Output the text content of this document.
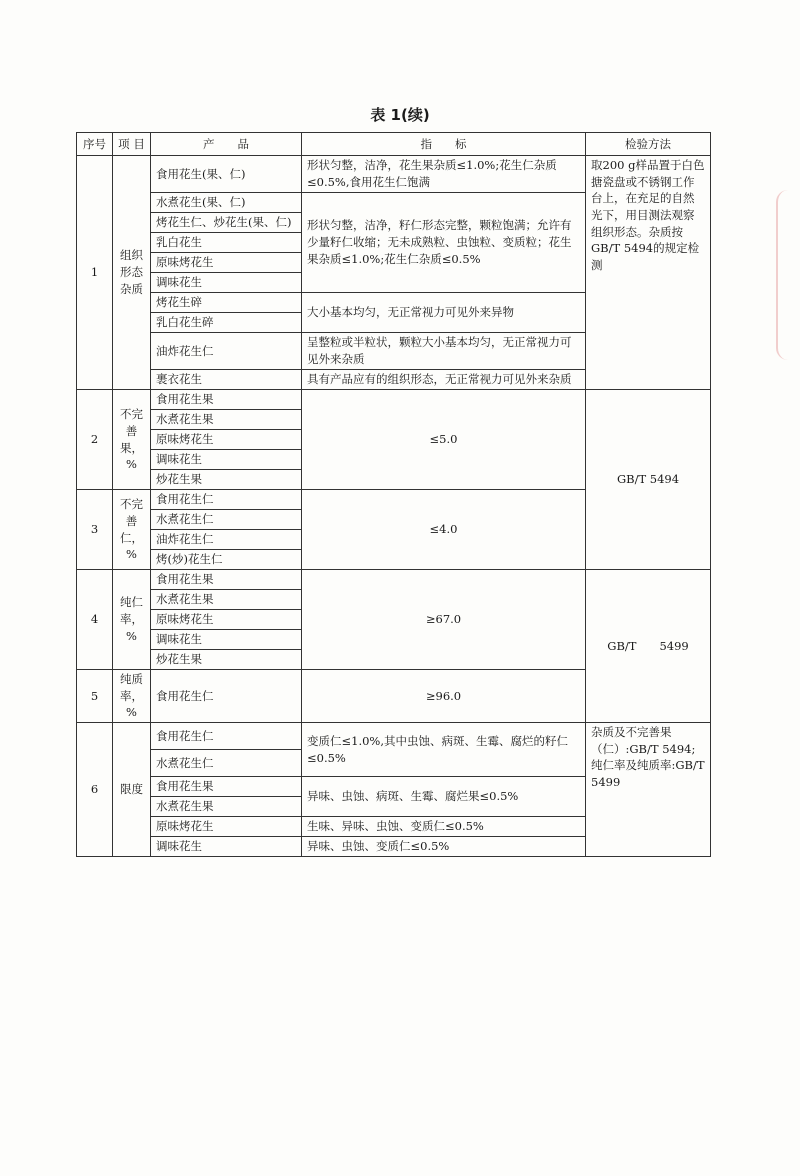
表 1(续)
序号	项 目	产　　品	指　　标	检验方法
1	组织形态杂质	食用花生(果、仁)	形状匀整，洁净，花生果杂质≤1.0%;花生仁杂质≤0.5%,食用花生仁饱满	取200 g样品置于白色搪瓷盘或不锈钢工作台上，在充足的自然光下，用目测法观察组织形态。杂质按GB/T 5494的规定检测
		水煮花生(果、仁)	形状匀整，洁净，籽仁形态完整，颗粒饱满；允许有少量籽仁收缩；无未成熟粒、虫蚀粒、变质粒；花生果杂质≤1.0%;花生仁杂质≤0.5%	
		烤花生仁、炒花生(果、仁)		
		乳白花生		
		原味烤花生		
		调味花生		
		烤花生碎	大小基本均匀，无正常视力可见外来异物	
		乳白花生碎		
		油炸花生仁	呈整粒或半粒状，颗粒大小基本均匀，无正常视力可见外来杂质	
		裹衣花生	具有产品应有的组织形态，无正常视力可见外来杂质	
2	不完善果，%	食用花生果	≤5.0	GB/T 5494
		水煮花生果		
		原味烤花生		
		调味花生		
		炒花生果		
3	不完善仁，%	食用花生仁	≤4.0	
		水煮花生仁		
		油炸花生仁		
		烤(炒)花生仁		
4	纯仁率，%	食用花生果	≥67.0	GB/T　　5499
		水煮花生果		
		原味烤花生		
		调味花生		
		炒花生果		
5	纯质率，%	食用花生仁	≥96.0	
6	限度	食用花生仁	变质仁≤1.0%,其中虫蚀、病斑、生霉、腐烂的籽仁≤0.5%	杂质及不完善果（仁）:GB/T 5494;纯仁率及纯质率:GB/T　　5499
		水煮花生仁		
		食用花生果	异味、虫蚀、病斑、生霉、腐烂果≤0.5%	
		水煮花生果		
		原味烤花生	生味、异味、虫蚀、变质仁≤0.5%	
		调味花生	异味、虫蚀、变质仁≤0.5%	
